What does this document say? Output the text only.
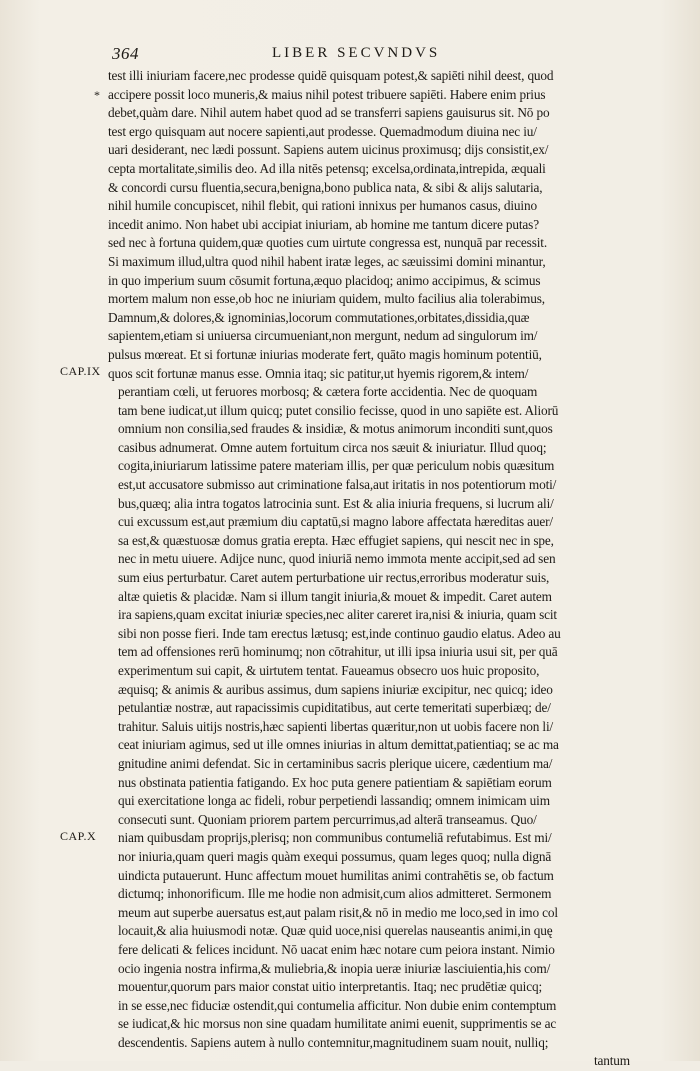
364	LIBER SECVNDVS
*
CAP.IX
CAP.X
test illi iniuriam facere,nec prodesse quidē quisquam potest,& sapiēti nihil deest, quod
accipere possit loco muneris,& maius nihil potest tribuere sapiēti. Habere enim prius
debet,quàm dare. Nihil autem habet quod ad se transferri sapiens gauisurus sit. Nō po
test ergo quisquam aut nocere sapienti,aut prodesse. Quemadmodum diuina nec iu/
uari desiderant, nec lædi possunt. Sapiens autem uicinus proximusq; dijs consistit,ex/
cepta mortalitate,similis deo. Ad illa nitēs petensq; excelsa,ordinata,intrepida, æquali
& concordi cursu fluentia,secura,benigna,bono publica nata, & sibi & alijs salutaria,
nihil humile concupiscet, nihil flebit, qui rationi innixus per humanos casus, diuino
incedit animo. Non habet ubi accipiat iniuriam, ab homine me tantum dicere putas?
sed nec à fortuna quidem,quæ quoties cum uirtute congressa est, nunquā par recessit.
Si maximum illud,ultra quod nihil habent iratæ leges, ac sæuissimi domini minantur,
in quo imperium suum cōsumit fortuna,æquo placidoq; animo accipimus, & scimus
mortem malum non esse,ob hoc ne iniuriam quidem, multo facilius alia tolerabimus,
Damnum,& dolores,& ignominias,locorum commutationes,orbitates,dissidia,quæ
sapientem,etiam si uniuersa circumueniant,non mergunt, nedum ad singulorum im/
pulsus mœreat. Et si fortunæ iniurias moderate fert, quāto magis hominum potentiū,
quos scit fortunæ manus esse. Omnia itaq; sic patitur,ut hyemis rigorem,& intem/
perantiam cœli, ut feruores morbosq; & cætera forte accidentia. Nec de quoquam
tam bene iudicat,ut illum quicq; putet consilio fecisse, quod in uno sapiēte est. Aliorū
omnium non consilia,sed fraudes & insidiæ, & motus animorum inconditi sunt,quos
casibus adnumerat. Omne autem fortuitum circa nos sæuit & iniuriatur. Illud quoq;
cogita,iniuriarum latissime patere materiam illis, per quæ periculum nobis quæsitum
est,ut accusatore submisso aut criminatione falsa,aut iritatis in nos potentiorum moti/
bus,quæq; alia intra togatos latrocinia sunt. Est & alia iniuria frequens, si lucrum ali/
cui excussum est,aut præmium diu captatū,si magno labore affectata hæreditas auer/
sa est,& quæstuosæ domus gratia erepta. Hæc effugiet sapiens, qui nescit nec in spe,
nec in metu uiuere. Adijce nunc, quod iniuriā nemo immota mente accipit,sed ad sen
sum eius perturbatur. Caret autem perturbatione uir rectus,erroribus moderatur suis,
altæ quietis & placidæ. Nam si illum tangit iniuria,& mouet & impedit. Caret autem
ira sapiens,quam excitat iniuriæ species,nec aliter careret ira,nisi & iniuria, quam scit
sibi non posse fieri. Inde tam erectus lætusq; est,inde continuo gaudio elatus. Adeo au
tem ad offensiones rerū hominumq; non cōtrahitur, ut illi ipsa iniuria usui sit, per quā
experimentum sui capit, & uirtutem tentat. Faueamus obsecro uos huic proposito,
æquisq; & animis & auribus assimus, dum sapiens iniuriæ excipitur, nec quicq; ideo
petulantiæ nostræ, aut rapacissimis cupiditatibus, aut certe temeritati superbiæq; de/
trahitur. Saluis uitijs nostris,hæc sapienti libertas quæritur,non ut uobis facere non li/
ceat iniuriam agimus, sed ut ille omnes iniurias in altum demittat,patientiaq; se ac ma
gnitudine animi defendat. Sic in certaminibus sacris plerique uicere, cædentium ma/
nus obstinata patientia fatigando. Ex hoc puta genere patientiam & sapiētiam eorum
qui exercitatione longa ac fideli, robur perpetiendi lassandiq; omnem inimicam uim
consecuti sunt. Quoniam priorem partem percurrimus,ad alterā transeamus. Quo/
niam quibusdam proprijs,plerisq; non communibus contumeliā refutabimus. Est mi/
nor iniuria,quam queri magis quàm exequi possumus, quam leges quoq; nulla dignā
uindicta putauerunt. Hunc affectum mouet humilitas animi contrahētis se, ob factum
dictumq; inhonorificum. Ille me hodie non admisit,cum alios admitteret. Sermonem
meum aut superbe auersatus est,aut palam risit,& nō in medio me loco,sed in imo col
locauit,& alia huiusmodi notæ. Quæ quid uoce,nisi querelas nauseantis animi,in quę
fere delicati & felices incidunt. Nō uacat enim hæc notare cum peiora instant. Nimio
ocio ingenia nostra infirma,& muliebria,& inopia ueræ iniuriæ lasciuientia,his com/
mouentur,quorum pars maior constat uitio interpretantis. Itaq; nec prudētiæ quicq;
in se esse,nec fiduciæ ostendit,qui contumelia afficitur. Non dubie enim contemptum
se iudicat,& hic morsus non sine quadam humilitate animi euenit, supprimentis se ac
descendentis. Sapiens autem à nullo contemnitur,magnitudinem suam nouit, nulliq;
tantum
